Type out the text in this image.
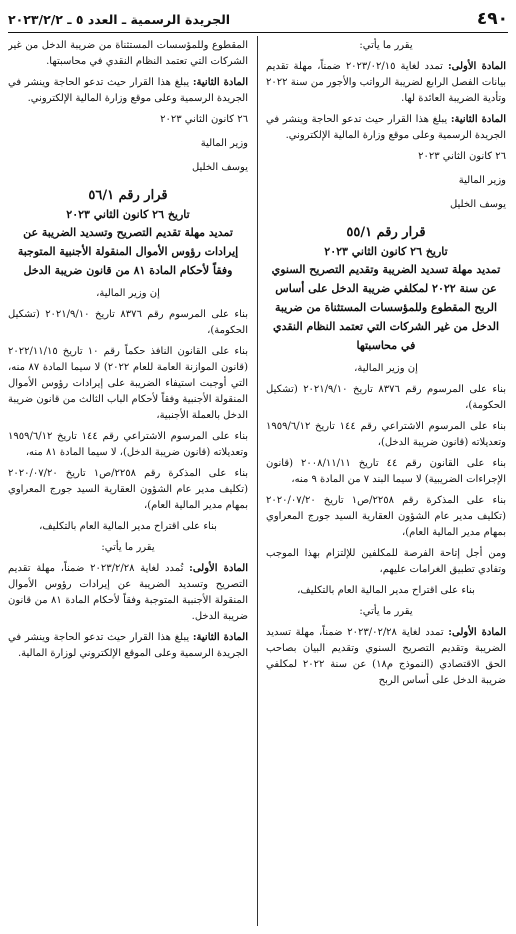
٤٩٠
الجريدة الرسمية ـ العدد ٥ ـ ٢٠٢٣/٢/٢

يقرر ما يأتي:

المادة الأولى: تمدد لغاية ٢٠٢٣/٠٢/١٥ ضمناً، مهلة تقديم بيانات الفصل الرابع لضريبة الرواتب والأجور من سنة ٢٠٢٢ وتأدية الضريبة العائدة لها.

المادة الثانية: يبلغ هذا القرار حيث تدعو الحاجة وينشر في الجريدة الرسمية وعلى موقع وزارة المالية الإلكتروني.

٢٦ كانون الثاني ٢٠٢٣

وزير المالية

يوسف الخليل

قرار رقم ٥٥/١
تاريخ ٢٦ كانون الثاني ٢٠٢٣
تمديد مهلة تسديد الضريبة وتقديم التصريح السنوي عن سنة ٢٠٢٢ لمكلفي ضريبة الدخل على أساس الربح المقطوع وللمؤسسات المستثناة من ضريبة الدخل من غير الشركات التي تعتمد النظام النقدي في محاسبتها

إن وزير المالية،

بناء على المرسوم رقم ٨٣٧٦ تاريخ ٢٠٢١/٩/١٠ (تشكيل الحكومة)،

بناء على المرسوم الاشتراعي رقم ١٤٤ تاريخ ١٩٥٩/٦/١٢ وتعديلاته (قانون ضريبة الدخل)،

بناء على القانون رقم ٤٤ تاريخ ٢٠٠٨/١١/١١ (قانون الإجراءات الضريبية) لا سيما البند ٧ من المادة ٩ منه،

بناء على المذكرة رقم ٢٢٥٨/ص١ تاريخ ٢٠٢٠/٠٧/٢٠ (تكليف مدير عام الشؤون العقارية السيد جورج المعراوي بمهام مدير المالية العام)،

ومن أجل إتاحة الفرصة للمكلفين للإلتزام بهذا الموجب وتفادي تطبيق الغرامات عليهم،

بناء على اقتراح مدير المالية العام بالتكليف،

يقرر ما يأتي:

المادة الأولى: تمدد لغاية ٢٠٢٣/٠٢/٢٨ ضمناً، مهلة تسديد الضريبة وتقديم التصريح السنوي وتقديم البيان بصاحب الحق الاقتصادي (النموذج م١٨) عن سنة ٢٠٢٢ لمكلفي ضريبة الدخل على أساس الربح

المقطوع وللمؤسسات المستثناة من ضريبة الدخل من غير الشركات التي تعتمد النظام النقدي في محاسبتها.

المادة الثانية: يبلغ هذا القرار حيث تدعو الحاجة وينشر في الجريدة الرسمية وعلى موقع وزارة المالية الإلكتروني.

٢٦ كانون الثاني ٢٠٢٣

وزير المالية

يوسف الخليل

قرار رقم ٥٦/١
تاريخ ٢٦ كانون الثاني ٢٠٢٣
تمديد مهلة تقديم التصريح وتسديد الضريبة عن إيرادات رؤوس الأموال المنقولة الأجنبية المتوجبة وفقاً لأحكام المادة ٨١ من قانون ضريبة الدخل

إن وزير المالية،

بناء على المرسوم رقم ٨٣٧٦ تاريخ ٢٠٢١/٩/١٠ (تشكيل الحكومة)،

بناء على القانون النافذ حكماً رقم ١٠ تاريخ ٢٠٢٢/١١/١٥ (قانون الموازنة العامة للعام ٢٠٢٢) لا سيما المادة ٨٧ منه، التي أوجبت استيفاء الضريبة على إيرادات رؤوس الأموال المنقولة الأجنبية وفقاً لأحكام الباب الثالث من قانون ضريبة الدخل بالعملة الأجنبية،

بناء على المرسوم الاشتراعي رقم ١٤٤ تاريخ ١٩٥٩/٦/١٢ وتعديلاته (قانون ضريبة الدخل)، لا سيما المادة ٨١ منه،

بناء على المذكرة رقم ٢٢٥٨/ص١ تاريخ ٢٠٢٠/٠٧/٢٠ (تكليف مدير عام الشؤون العقارية السيد جورج المعراوي بمهام مدير المالية العام)،

بناء على اقتراح مدير المالية العام بالتكليف،

يقرر ما يأتي:

المادة الأولى: تُمدد لغاية ٢٠٢٣/٢/٢٨ ضمناً، مهلة تقديم التصريح وتسديد الضريبة عن إيرادات رؤوس الأموال المنقولة الأجنبية المتوجبة وفقاً لأحكام المادة ٨١ من قانون ضريبة الدخل.

المادة الثانية: يبلغ هذا القرار حيث تدعو الحاجة وينشر في الجريدة الرسمية وعلى الموقع الإلكتروني لوزارة المالية.
